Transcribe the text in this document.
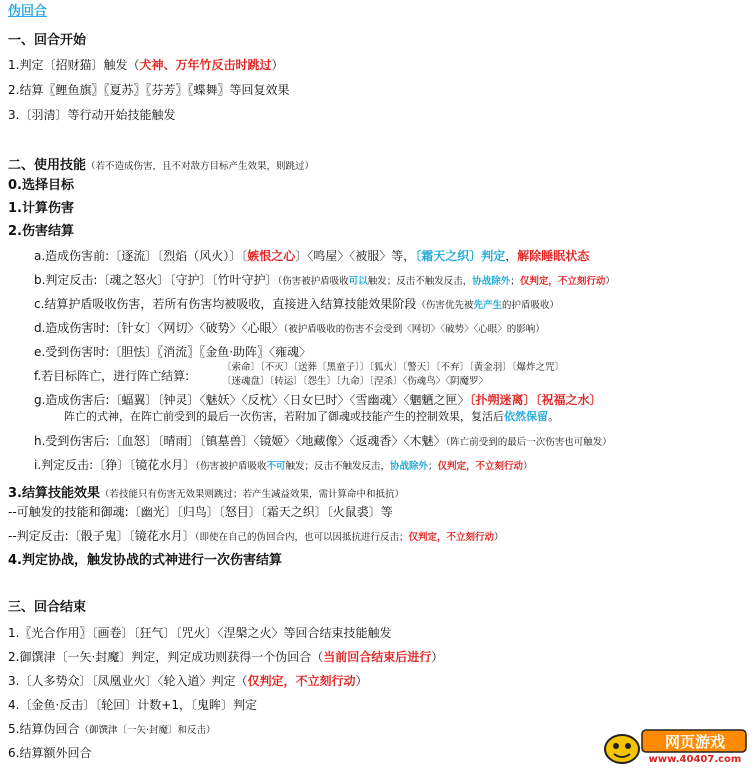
伪回合
一、回合开始
1.判定〔招财猫〕触发（犬神、万年竹反击时跳过）
2.结算〖鲤鱼旗〗〖夏苏〗〖芬芳〗〖蝶舞〗等回复效果
3.〔羽清〕等行动开始技能触发
二、使用技能（若不造成伤害，且不对敌方目标产生效果，则跳过）
0.选择目标
1.计算伤害
2.伤害结算
a.造成伤害前:〔逐流〕〔烈焰（风火）〕〔嫉恨之心〕〈鸣屋〉〈被服〉等，〔霜天之织〕判定，解除睡眠状态
b.判定反击:〔魂之怒火〕〔守护〕〔竹叶守护〕（伤害被护盾吸收可以触发；反击不触发反击，协战除外；仅判定，不立刻行动）
c.结算护盾吸收伤害，若所有伤害均被吸收，直接进入结算技能效果阶段（伤害优先被先产生的护盾吸收）
d.造成伤害时:〔针女〕〈网切〉〈破势〉〈心眼〉（被护盾吸收的伤害不会受到〈网切〉〈破势〉〈心眼〉的影响）
e.受到伤害时:〔胆怯〕〖消流〗〖金鱼·助阵〗〈雍魂〉
f.若目标阵亡，进行阵亡结算:
〔索命〕〔不灭〕〔送葬〔黑童子〕〕〔狐火〕〔警天〕〔不弃〕〔黄金羽〕〔爆炸之咒〕
〔迷魂盘〕〔转运〕〔怨生〕〔九命〕〔涅杀〕〈伤魂鸟〉〈阴魔罗〉
g.造成伤害后:〔蝠翼〕〔钟灵〕〈魅妖〉〈反枕〉〈日女巳时〉〈雪幽魂〉〈魍魉之匣〉〔扑朔迷离〕〔祝福之水〕
阵亡的式神，在阵亡前受到的最后一次伤害，若附加了御魂或技能产生的控制效果，复活后依然保留。
h.受到伤害后:〔血怒〕〔晴雨〕〔镇墓兽〕〈镜姬〉〈地藏像〉〈返魂香〉〈木魅〉（阵亡前受到的最后一次伤害也可触发）
i.判定反击:〔狰〕〔镜花水月〕（伤害被护盾吸收不可触发；反击不触发反击，协战除外；仅判定，不立刻行动）
3.结算技能效果（若技能只有伤害无效果则跳过；若产生减益效果，需计算命中和抵抗）
--可触发的技能和御魂:〔幽光〕〔归鸟〕〔怒目〕〔霜天之织〕〔火鼠裘〕等
--判定反击:〔骰子鬼〕〔镜花水月〕（即使在自己的伪回合内，也可以因抵抗进行反击；仅判定，不立刻行动）
4.判定协战，触发协战的式神进行一次伤害结算
三、回合结束
1.〖光合作用〗〔画卷〕〔狂气〕〔咒火〕〈涅槃之火〉等回合结束技能触发
2.御馔津〔一矢·封魔〕判定，判定成功则获得一个伪回合（当前回合结束后进行）
3.〔人多势众〕〔凤凰业火〕〈轮入道〉判定（仅判定，不立刻行动）
4.〔金鱼·反击〕〔轮回〕计数+1，〔鬼眸〕判定
5.结算伪回合（御馔津〔一矢·封魔〕和反击）
6.结算额外回合
网页游戏
www.40407.com
